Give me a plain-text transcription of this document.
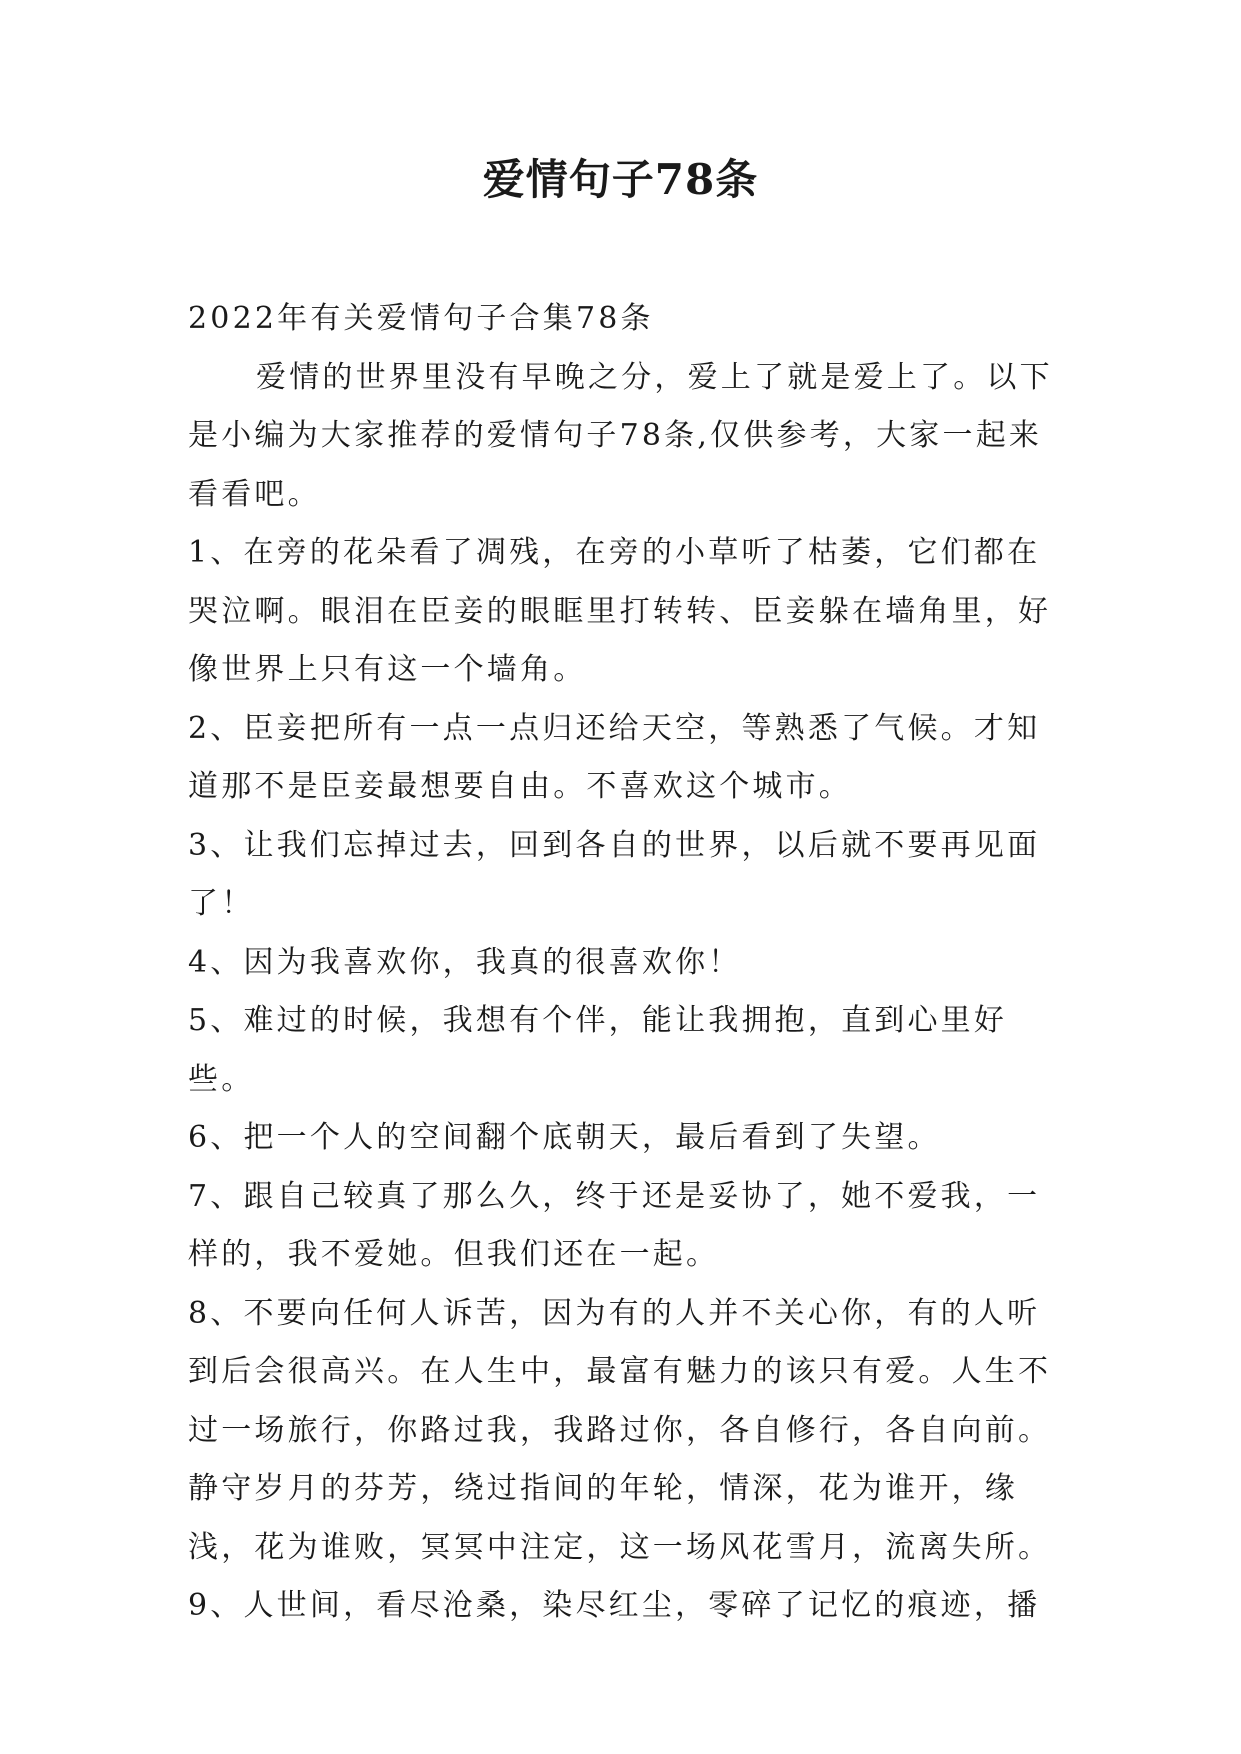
爱情句子78条

2022年有关爱情句子合集78条

爱情的世界里没有早晚之分，爱上了就是爱上了。以下是小编为大家推荐的爱情句子78条,仅供参考，大家一起来看看吧。

1、在旁的花朵看了凋残，在旁的小草听了枯萎，它们都在哭泣啊。眼泪在臣妾的眼眶里打转转、臣妾躲在墙角里，好像世界上只有这一个墙角。

2、臣妾把所有一点一点归还给天空，等熟悉了气候。才知道那不是臣妾最想要自由。不喜欢这个城市。

3、让我们忘掉过去，回到各自的世界，以后就不要再见面了！

4、因为我喜欢你，我真的很喜欢你！

5、难过的时候，我想有个伴，能让我拥抱，直到心里好些。

6、把一个人的空间翻个底朝天，最后看到了失望。

7、跟自己较真了那么久，终于还是妥协了，她不爱我，一样的，我不爱她。但我们还在一起。

8、不要向任何人诉苦，因为有的人并不关心你，有的人听到后会很高兴。在人生中，最富有魅力的该只有爱。人生不过一场旅行，你路过我，我路过你，各自修行，各自向前。静守岁月的芬芳，绕过指间的年轮，情深，花为谁开，缘浅，花为谁败，冥冥中注定，这一场风花雪月，流离失所。

9、人世间，看尽沧桑，染尽红尘，零碎了记忆的痕迹，播
